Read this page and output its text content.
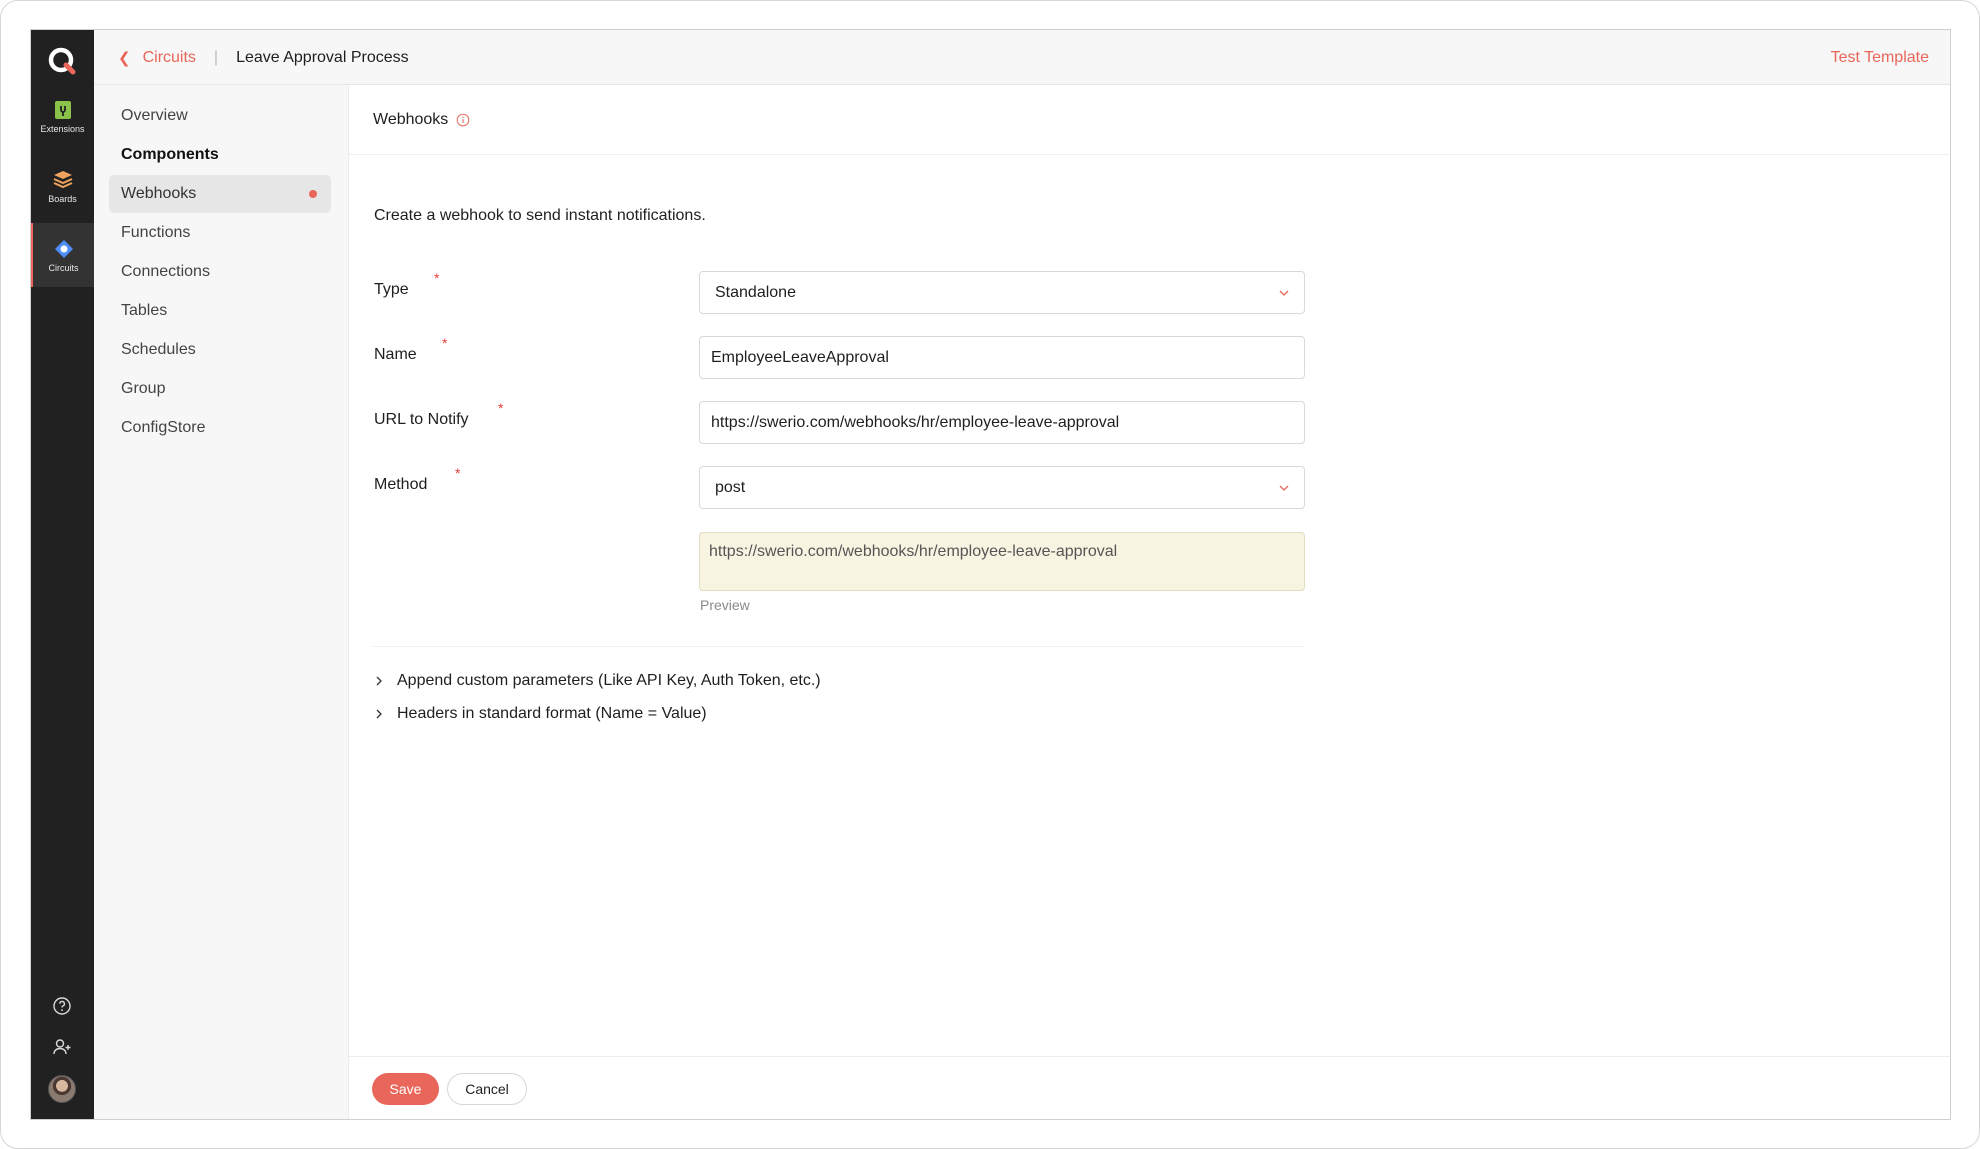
Extensions
Boards
Circuits
❮ Circuits | Leave Approval Process	Test Template
Overview
Components
Webhooks
Functions
Connections
Tables
Schedules
Group
ConfigStore
Webhooks
Create a webhook to send instant notifications.
Type
*
Standalone
Name
*
EmployeeLeaveApproval
URL to Notify
*
https://swerio.com/webhooks/hr/employee-leave-approval
Method
*
post
https://swerio.com/webhooks/hr/employee-leave-approval
Preview
Append custom parameters (Like API Key, Auth Token, etc.)
Headers in standard format (Name = Value)
Save	Cancel
